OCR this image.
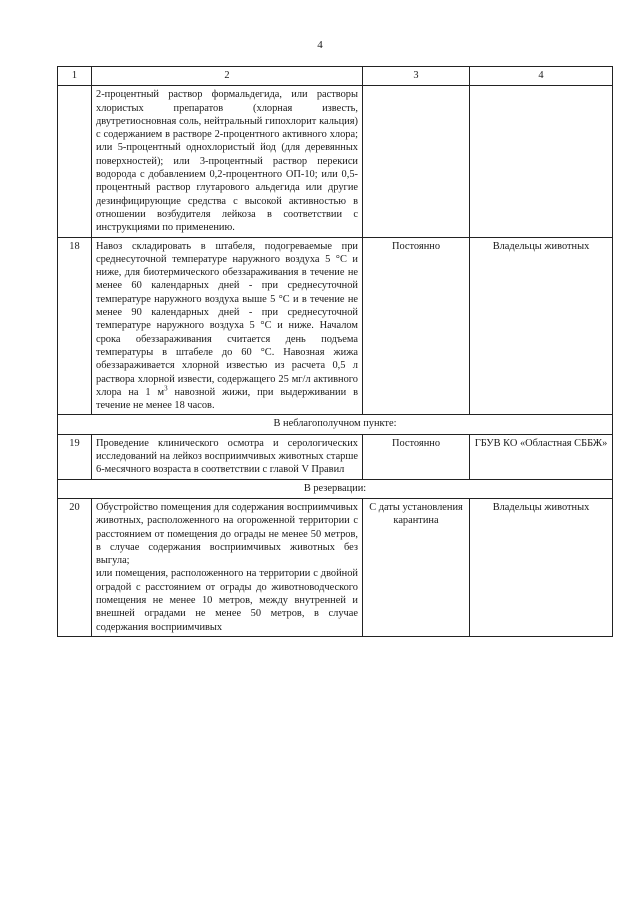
4
1	2	3	4

	2-процентный раствор формальдегида, или растворы хлористых препаратов (хлорная известь, двутретиосновная соль, нейтральный гипохлорит кальция) с содержанием в растворе 2-процентного активного хлора; или 5-процентный однохлористый йод (для деревянных поверхностей); или 3-процентный раствор перекиси водорода с добавлением 0,2-процентного ОП-10; или 0,5-процентный раствор глутарового альдегида или другие дезинфицирующие средства с высокой активностью в отношении возбудителя лейкоза в соответствии с инструкциями по применению.		

18	Навоз складировать в штабеля, подогреваемые при среднесуточной температуре наружного воздуха 5 °С и ниже, для биотермического обеззараживания в течение не менее 60 календарных дней - при среднесуточной температуре наружного воздуха выше 5 °С и в течение не менее 90 календарных дней - при среднесуточной температуре наружного воздуха 5 °С и ниже. Началом срока обеззараживания считается день подъема температуры в штабеле до 60 °С. Навозная жижа обеззараживается хлорной известью из расчета 0,5 л раствора хлорной извести, содержащего 25 мг/л активного хлора на 1 $м^3$ навозной жижи, при выдерживании в течение не менее 18 часов.	Постоянно	Владельцы животных
В неблагополучном пункте:			
19	Проведение клинического осмотра и серологических исследований на лейкоз восприимчивых животных старше 6-месячного возраста в соответствии с главой V Правил	Постоянно	ГБУВ КО «Областная СББЖ»
В резервации:			
20	Обустройство помещения для содержания восприимчивых животных, расположенного на огороженной территории с расстоянием от помещения до ограды не менее 50 метров, в случае содержания восприимчивых животных без выгула;

или помещения, расположенного на территории с двойной оградой с расстоянием от ограды до животноводческого помещения не менее 10 метров, между внутренней и внешней оградами не менее 50 метров, в случае содержания восприимчивых	С даты установления карантина	Владельцы животных
